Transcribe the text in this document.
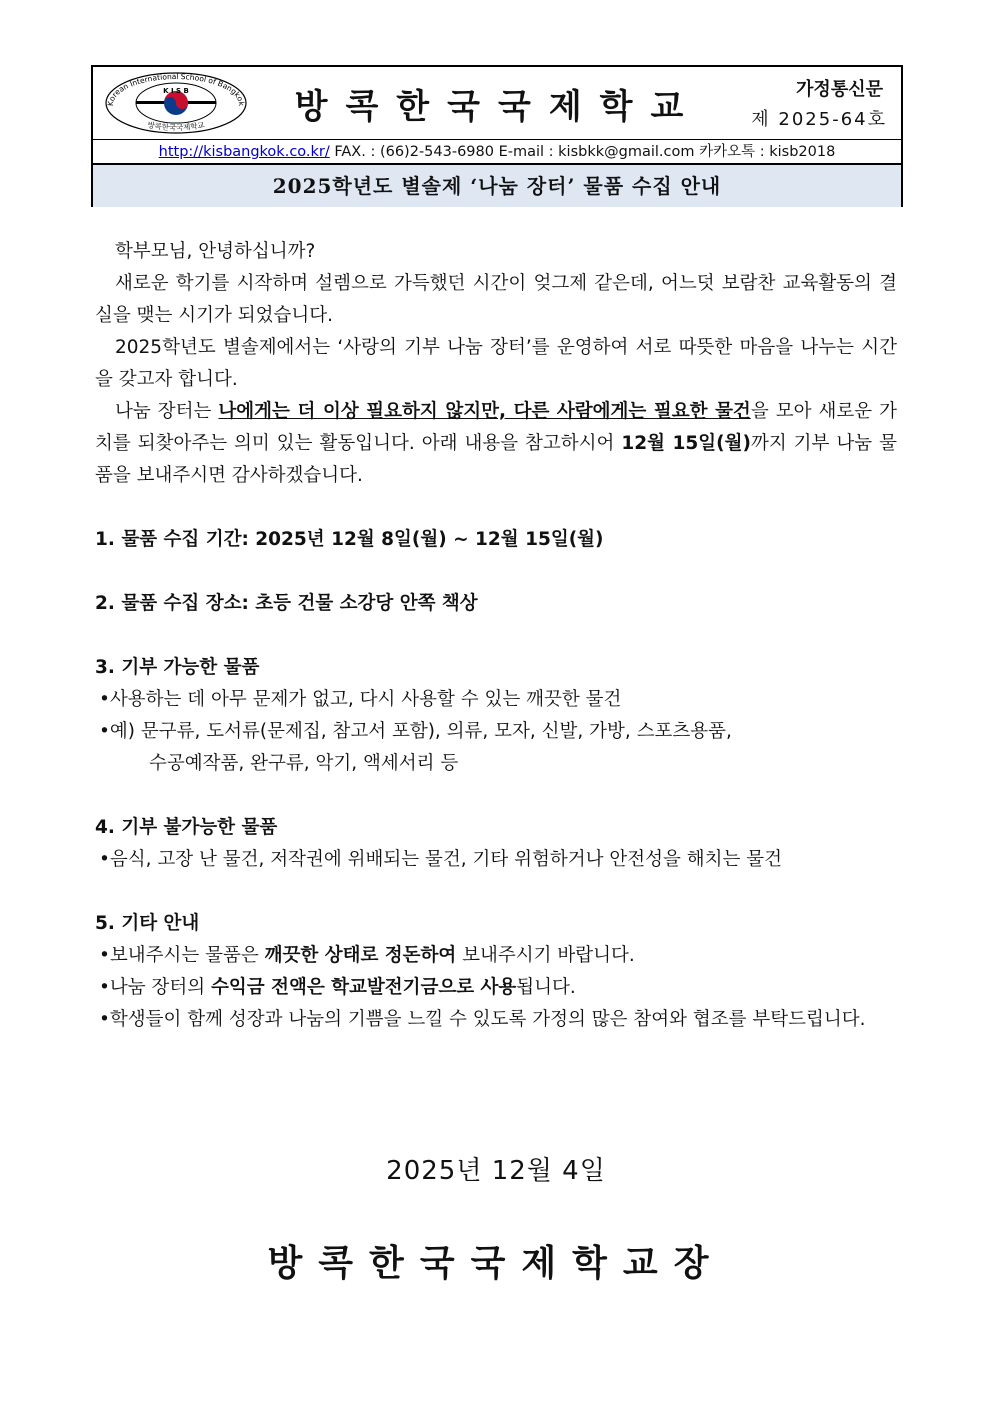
Korean International School of Bangkok
K I S B
방콕한국국제학교	방콕한국국제학교	가정통신문
제 2025-64호
http://kisbangkok.co.kr/ FAX. : (66)2-543-6980 E-mail : kisbkk@gmail.com 카카오톡 : kisb2018
2025학년도 별솔제 ‘나눔 장터’ 물품 수집 안내

학부모님, 안녕하십니까?

새로운 학기를 시작하며 설렘으로 가득했던 시간이 엊그제 같은데, 어느덧 보람찬 교육활동의 결실을 맺는 시기가 되었습니다.

2025학년도 별솔제에서는 ‘사랑의 기부 나눔 장터’를 운영하여 서로 따뜻한 마음을 나누는 시간을 갖고자 합니다.

나눔 장터는 나에게는 더 이상 필요하지 않지만, 다른 사람에게는 필요한 물건을 모아 새로운 가치를 되찾아주는 의미 있는 활동입니다. 아래 내용을 참고하시어 12월 15일(월)까지 기부 나눔 물품을 보내주시면 감사하겠습니다.

1. 물품 수집 기간: 2025년 12월 8일(월) ~ 12월 15일(월)

2. 물품 수집 장소: 초등 건물 소강당 안쪽 책상

3. 기부 가능한 물품

•사용하는 데 아무 문제가 없고, 다시 사용할 수 있는 깨끗한 물건

•예) 문구류, 도서류(문제집, 참고서 포함), 의류, 모자, 신발, 가방, 스포츠용품,

수공예작품, 완구류, 악기, 액세서리 등

4. 기부 불가능한 물품

•음식, 고장 난 물건, 저작권에 위배되는 물건, 기타 위험하거나 안전성을 해치는 물건

5. 기타 안내

•보내주시는 물품은 깨끗한 상태로 정돈하여 보내주시기 바랍니다.

•나눔 장터의 수익금 전액은 학교발전기금으로 사용됩니다.

•학생들이 함께 성장과 나눔의 기쁨을 느낄 수 있도록 가정의 많은 참여와 협조를 부탁드립니다.

2025년 12월 4일
방콕한국국제학교장
